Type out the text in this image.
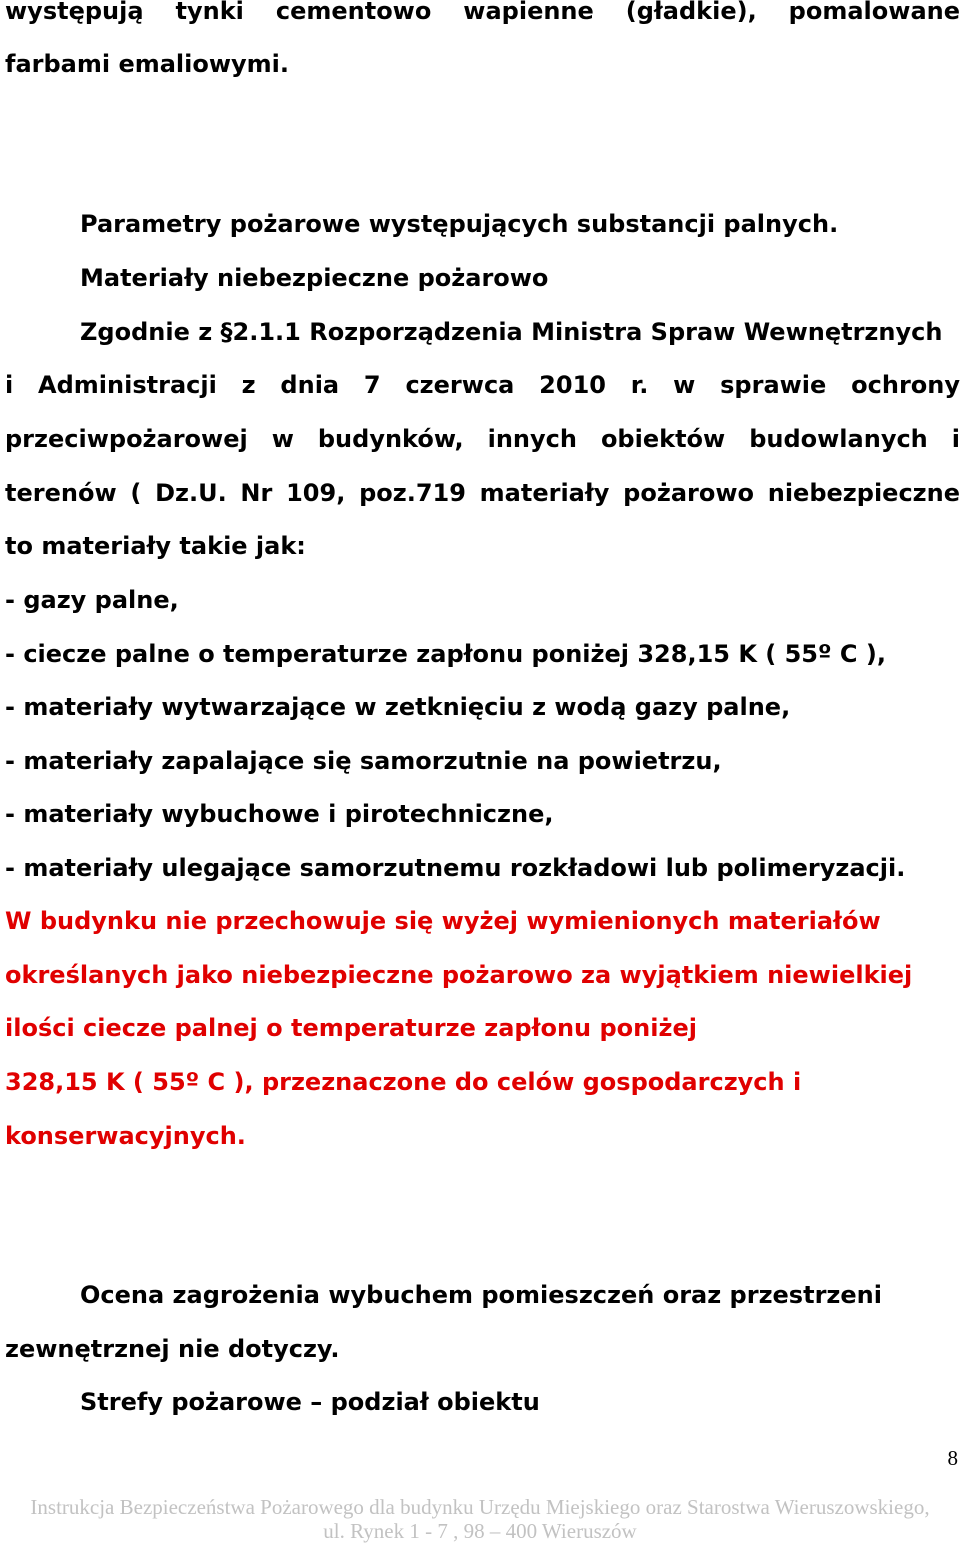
występują tynki cementowo wapienne (gładkie), pomalowane
farbami emaliowymi.
Parametry pożarowe występujących substancji palnych.
Materiały niebezpieczne pożarowo
Zgodnie z §2.1.1 Rozporządzenia Ministra Spraw Wewnętrznych
i Administracji z dnia 7 czerwca 2010 r. w sprawie ochrony
przeciwpożarowej w budynków, innych obiektów budowlanych i
terenów ( Dz.U. Nr 109, poz.719 materiały pożarowo niebezpieczne
to materiały takie jak:
- gazy palne,
- ciecze palne o temperaturze zapłonu poniżej 328,15 K ( 55º C ),
- materiały wytwarzające w zetknięciu z wodą gazy palne,
- materiały zapalające się samorzutnie na powietrzu,
- materiały wybuchowe i pirotechniczne,
- materiały ulegające samorzutnemu rozkładowi lub polimeryzacji.
W budynku nie przechowuje się wyżej wymienionych materiałów
określanych jako niebezpieczne pożarowo za wyjątkiem niewielkiej
ilości ciecze palnej o temperaturze zapłonu poniżej
328,15 K ( 55º C ), przeznaczone do celów gospodarczych i
konserwacyjnych.
Ocena zagrożenia wybuchem pomieszczeń oraz przestrzeni
zewnętrznej nie dotyczy.
Strefy pożarowe – podział obiektu
8
Instrukcja Bezpieczeństwa Pożarowego dla budynku Urzędu Miejskiego oraz Starostwa Wieruszowskiego,
ul. Rynek 1 - 7 , 98 – 400 Wieruszów
